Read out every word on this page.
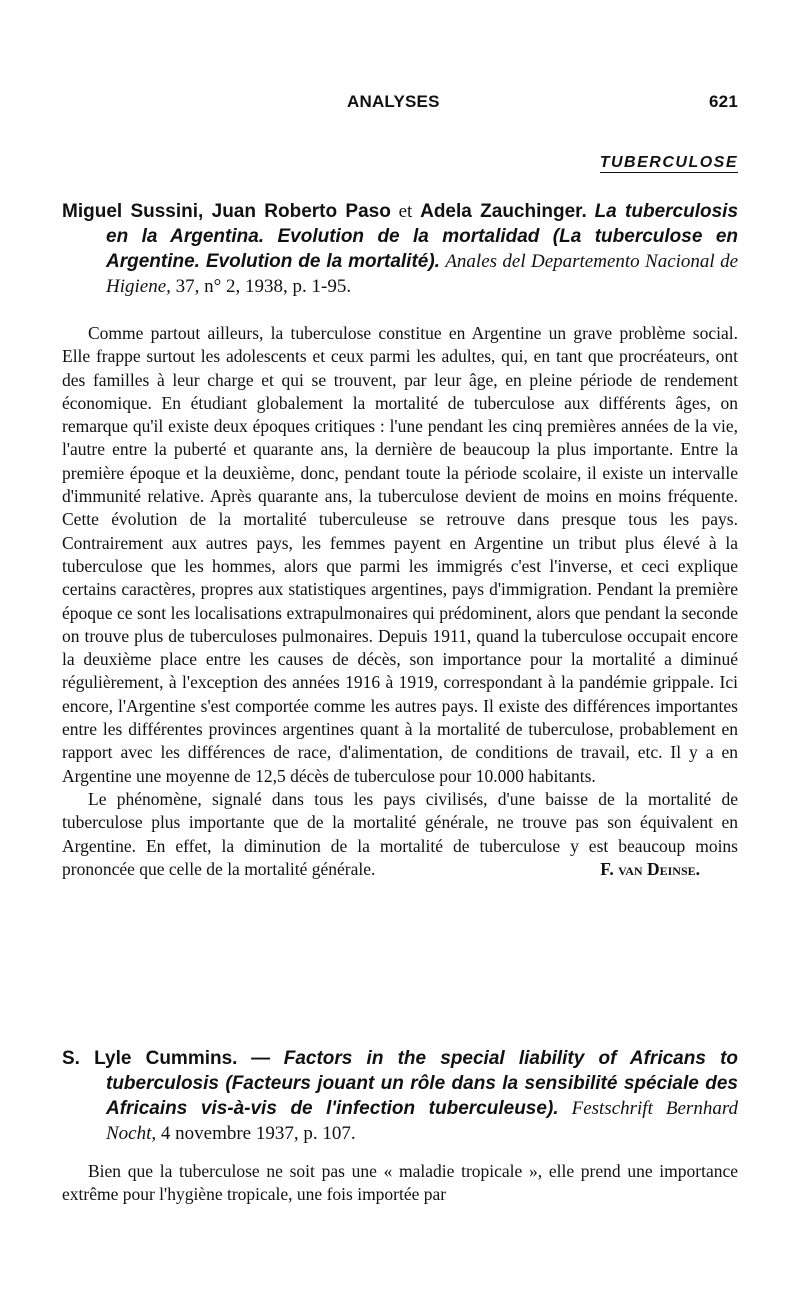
ANALYSES	621
TUBERCULOSE

Miguel Sussini, Juan Roberto Paso et Adela Zauchinger. La tuberculosis en la Argentina. Evolution de la mortalidad (La tuberculose en Argentine. Evolution de la mortalité). Anales del Departemento Nacional de Higiene, 37, n° 2, 1938, p. 1-95.

Comme partout ailleurs, la tuberculose constitue en Argentine un grave problème social. Elle frappe surtout les adolescents et ceux parmi les adultes, qui, en tant que procréateurs, ont des familles à leur charge et qui se trouvent, par leur âge, en pleine période de rendement économique. En étudiant globalement la mortalité de tuberculose aux différents âges, on remarque qu'il existe deux époques critiques : l'une pendant les cinq premières années de la vie, l'autre entre la puberté et quarante ans, la dernière de beaucoup la plus importante. Entre la première époque et la deuxième, donc, pendant toute la période scolaire, il existe un intervalle d'immunité relative. Après quarante ans, la tuberculose devient de moins en moins fréquente. Cette évolution de la mortalité tuberculeuse se retrouve dans presque tous les pays. Contrairement aux autres pays, les femmes payent en Argentine un tribut plus élevé à la tuberculose que les hommes, alors que parmi les immigrés c'est l'inverse, et ceci explique certains caractères, propres aux statistiques argentines, pays d'immigration. Pendant la première époque ce sont les localisations extrapulmonaires qui prédominent, alors que pendant la seconde on trouve plus de tuberculoses pulmonaires. Depuis 1911, quand la tuberculose occupait encore la deuxième place entre les causes de décès, son importance pour la mortalité a diminué régulièrement, à l'exception des années 1916 à 1919, correspondant à la pandémie grippale. Ici encore, l'Argentine s'est comportée comme les autres pays. Il existe des différences importantes entre les différentes provinces argentines quant à la mortalité de tuberculose, probablement en rapport avec les différences de race, d'alimentation, de conditions de travail, etc. Il y a en Argentine une moyenne de 12,5 décès de tuberculose pour 10.000 habitants.

Le phénomène, signalé dans tous les pays civilisés, d'une baisse de la mortalité de tuberculose plus importante que de la mortalité générale, ne trouve pas son équivalent en Argentine. En effet, la diminution de la mortalité de tuberculose y est beaucoup moins prononcée que celle de la mortalité générale.	F. van Deinse.

S. Lyle Cummins. — Factors in the special liability of Africans to tuberculosis (Facteurs jouant un rôle dans la sensibilité spéciale des Africains vis-à-vis de l'infection tuberculeuse). Festschrift Bernhard Nocht, 4 novembre 1937, p. 107.

Bien que la tuberculose ne soit pas une « maladie tropicale », elle prend une importance extrême pour l'hygiène tropicale, une fois importée par
